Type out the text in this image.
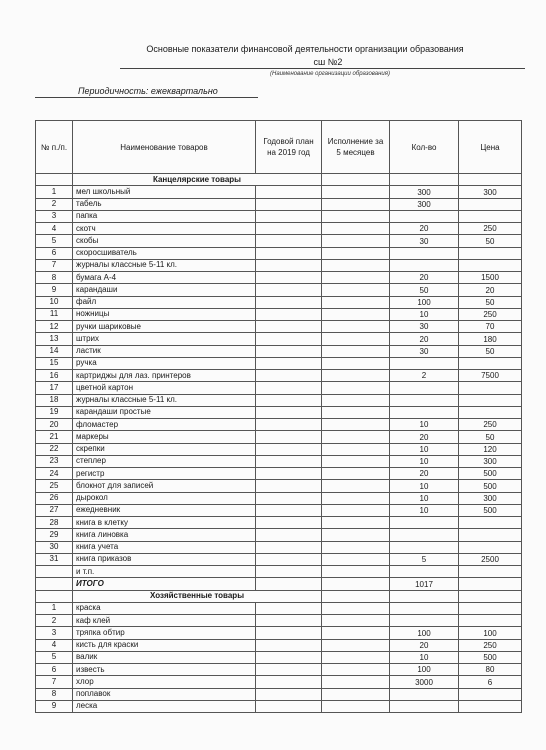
Основные показатели финансовой деятельности организации образования
сш №2
(Наименование организации образования)
Периодичность: ежеквартально
№ п./п.	Наименование товаров	Годовой план на 2019 год	Исполнение за 5 месяцев	Кол-во	Цена
	Канцелярские товары				
1	мел школьный			300	300
2	табель			300	
3	папка				
4	скотч			20	250
5	скобы			30	50
6	скоросшиватель				
7	журналы классные 5-11 кл.				
8	бумага А-4			20	1500
9	карандаши			50	20
10	файл			100	50
11	ножницы			10	250
12	ручки шариковые			30	70
13	штрих			20	180
14	ластик			30	50
15	ручка				
16	картриджы для лаз. принтеров			2	7500
17	цветной картон				
18	журналы классные 5-11 кл.				
19	карандаши простые				
20	фломастер			10	250
21	маркеры			20	50
22	скрепки			10	120
23	степлер			10	300
24	регистр			20	500
25	блокнот для записей			10	500
26	дырокол			10	300
27	ежедневник			10	500
28	книга в клетку				
29	книга линовка				
30	книга учета				
31	книга приказов			5	2500
	и т.п.				
	ИТОГО			1017	
	Хозяйственные товары				
1	краска				
2	каф клей				
3	тряпка обтир			100	100
4	кисть для краски			20	250
5	валик			10	500
6	известь			100	80
7	хлор			3000	6
8	поплавок				
9	леска				
